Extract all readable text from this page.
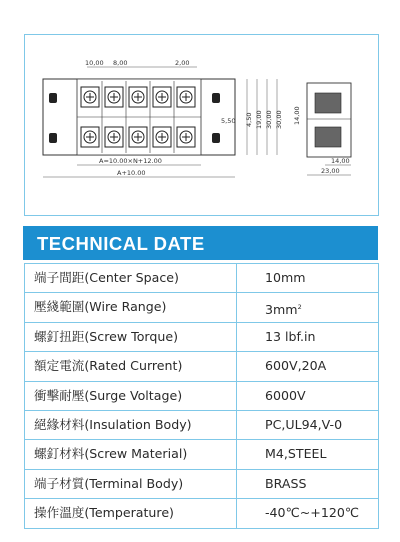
10,00 8,00	2,00
5,50 4,50 19,00 30,00 30,00 14,00
A=10.00×N+12.00
A+10.00
14,00
23,00
TECHNICAL DATE
端子間距(Center Space)	10mm
壓綫範圍(Wire Range)	$3mm^2$
螺釘扭距(Screw Torque)	13 lbf.in
額定電流(Rated Current)	600V,20A
衝擊耐壓(Surge Voltage)	6000V
絕緣材料(Insulation Body)	PC,UL94,V-0
螺釘材料(Screw Material)	M4,STEEL
端子材質(Terminal Body)	BRASS
操作溫度(Temperature)	-40℃~+120℃
